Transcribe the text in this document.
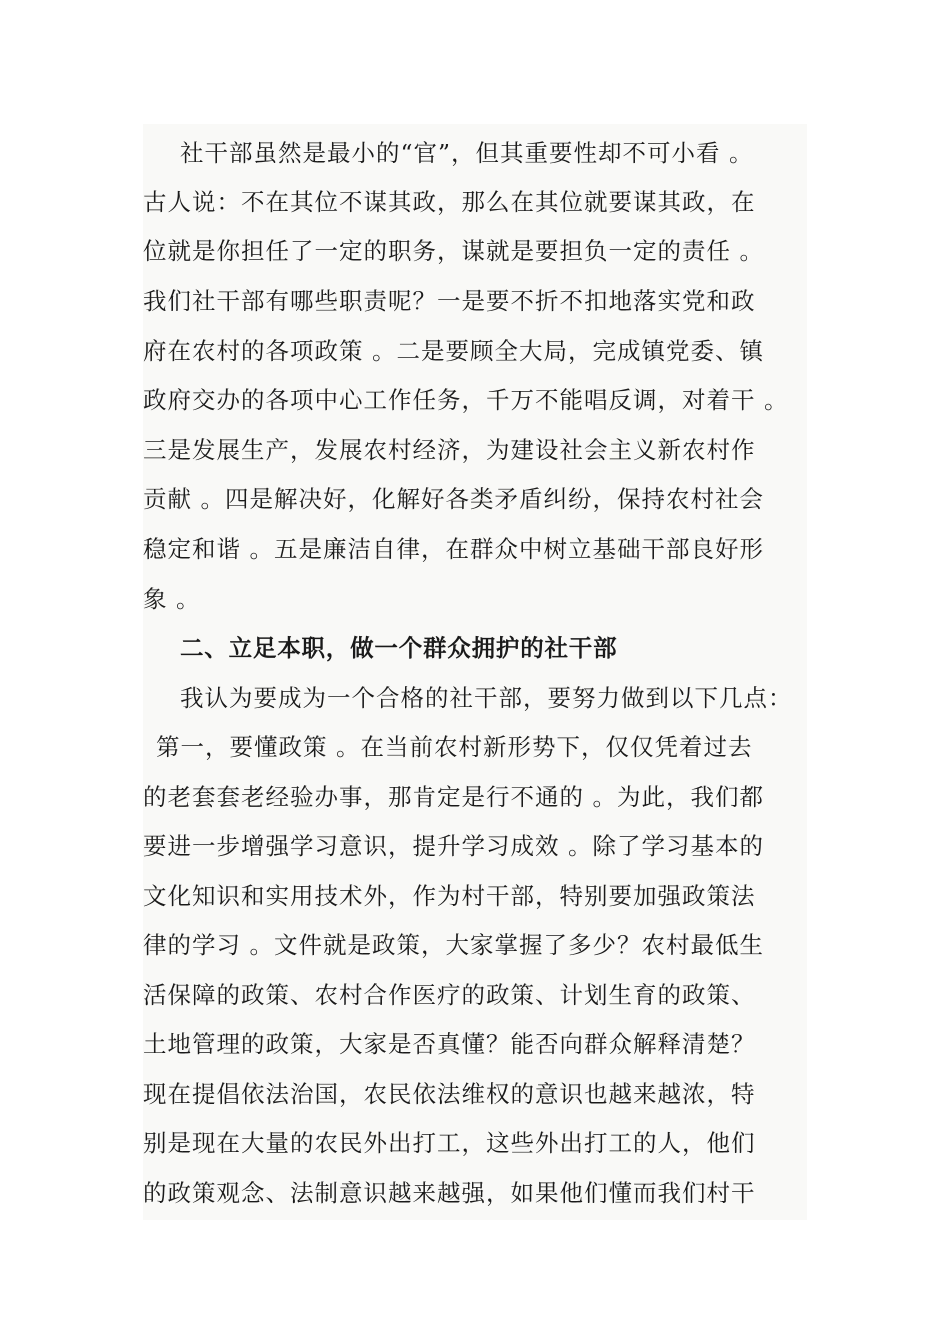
社干部虽然是最小的“官”，但其重要性却不可小看 。
古人说：不在其位不谋其政，那么在其位就要谋其政，在
位就是你担任了一定的职务，谋就是要担负一定的责任 。
我们社干部有哪些职责呢？一是要不折不扣地落实党和政
府在农村的各项政策 。二是要顾全大局，完成镇党委、镇
政府交办的各项中心工作任务，千万不能唱反调，对着干 。
三是发展生产，发展农村经济，为建设社会主义新农村作
贡献 。四是解决好，化解好各类矛盾纠纷，保持农村社会
稳定和谐 。五是廉洁自律，在群众中树立基础干部良好形
象 。
二、立足本职，做一个群众拥护的社干部
我认为要成为一个合格的社干部，要努力做到以下几点：
第一，要懂政策 。在当前农村新形势下，仅仅凭着过去
的老套套老经验办事，那肯定是行不通的 。为此，我们都
要进一步增强学习意识，提升学习成效 。除了学习基本的
文化知识和实用技术外，作为村干部，特别要加强政策法
律的学习 。文件就是政策，大家掌握了多少？农村最低生
活保障的政策、农村合作医疗的政策、计划生育的政策、
土地管理的政策，大家是否真懂？能否向群众解释清楚？
现在提倡依法治国，农民依法维权的意识也越来越浓，特
别是现在大量的农民外出打工，这些外出打工的人，他们
的政策观念、法制意识越来越强，如果他们懂而我们村干
